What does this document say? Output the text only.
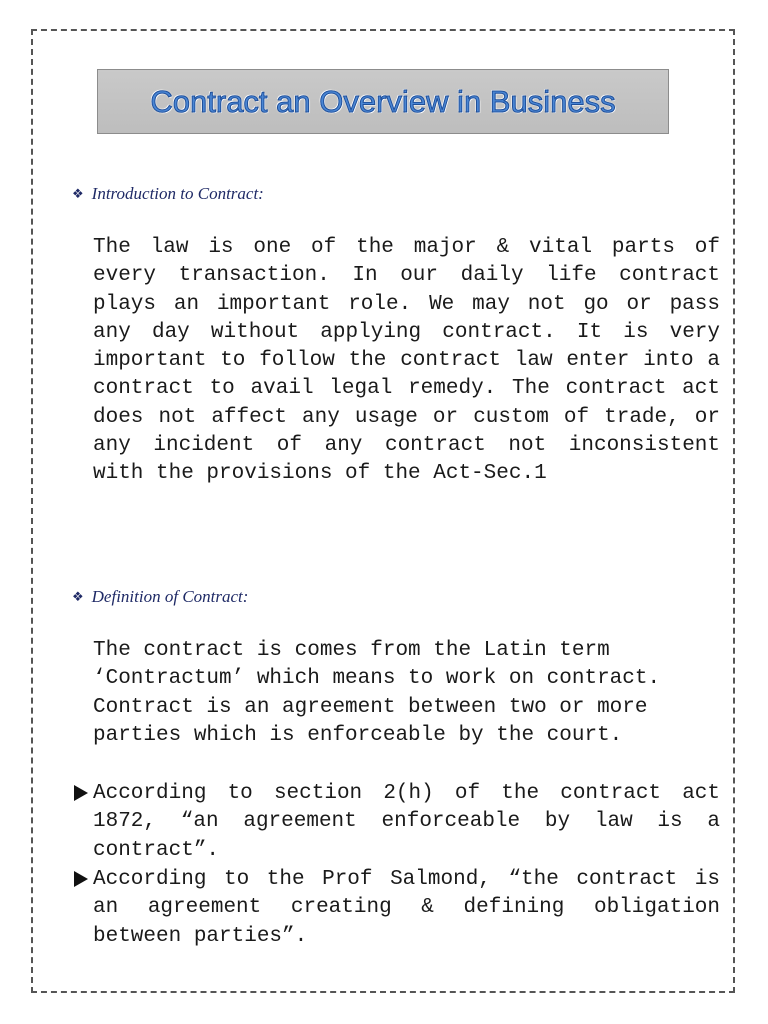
Contract an Overview in Business
❖ Introduction to Contract:

The law is one of the major & vital parts of every transaction. In our daily life contract plays an important role. We may not go or pass any day without applying contract. It is very important to follow the contract law enter into a contract to avail legal remedy. The contract act does not affect any usage or custom of trade, or any incident of any contract not inconsistent with the provisions of the Act-Sec.1

❖ Definition of Contract:

The contract is comes from the Latin term ‘Contractum’ which means to work on contract. Contract is an agreement between two or more parties which is enforceable by the court.

According to section 2(h) of the contract act 1872, “an agreement enforceable by law is a contract”.

According to the Prof Salmond, “the contract is an agreement creating & defining obligation between parties”.
